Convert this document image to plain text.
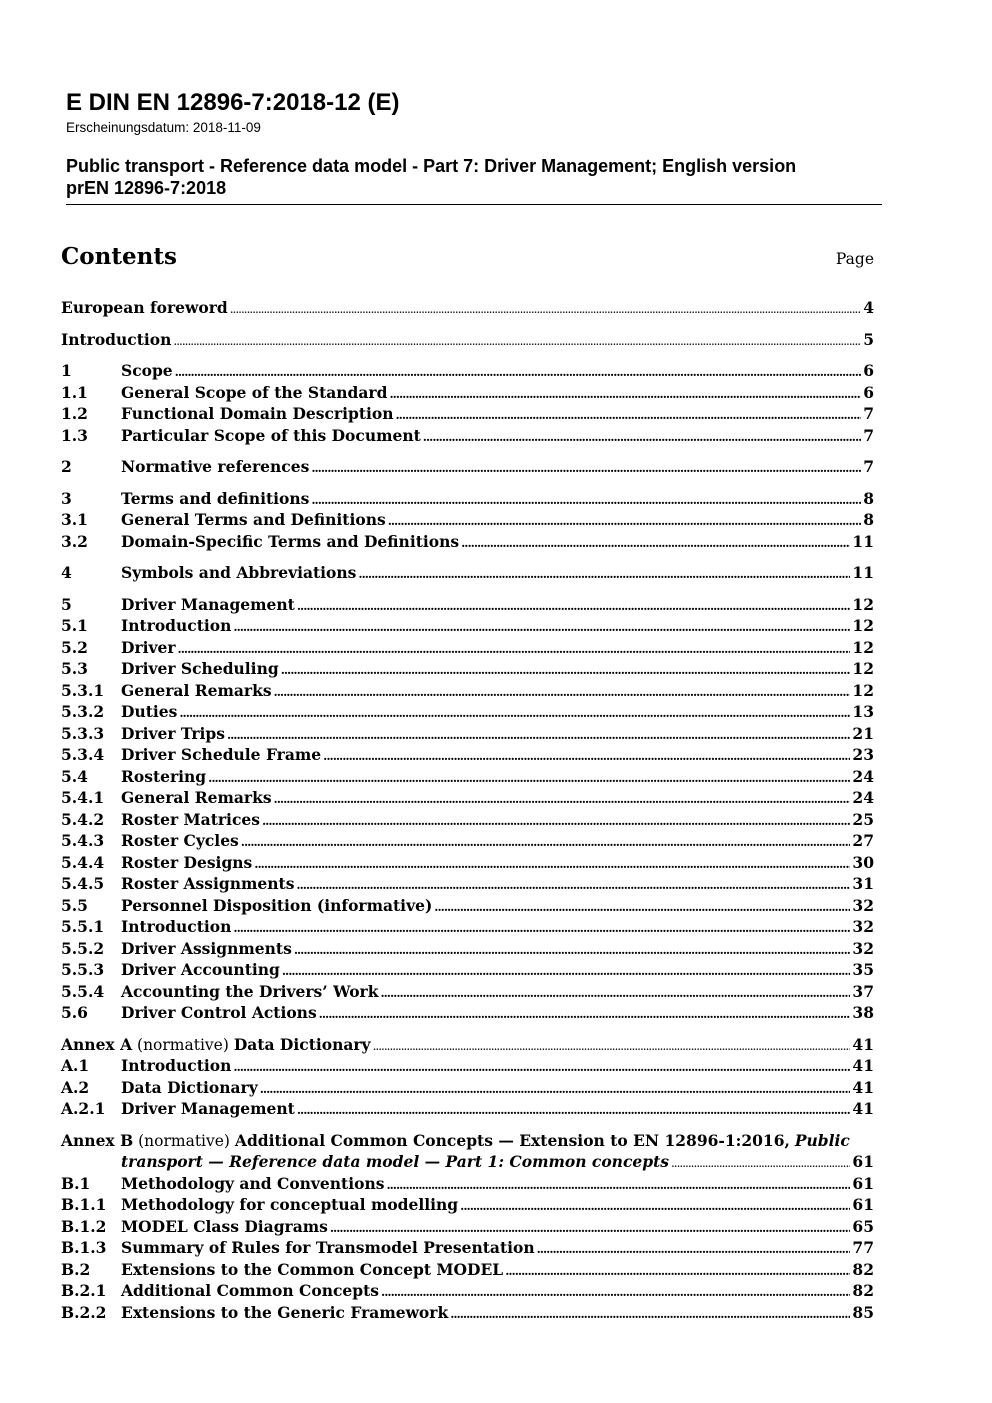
E DIN EN 12896-7:2018-12 (E)

Erscheinungsdatum: 2018-11-09

Public transport - Reference data model - Part 7: Driver Management; English version

prEN 12896-7:2018

Contents	Page
European foreword .....	4
Introduction .....	5
1	Scope .....	6
1.1	General Scope of the Standard .....	6
1.2	Functional Domain Description .....	7
1.3	Particular Scope of this Document .....	7
2	Normative references .....	7
3	Terms and definitions .....	8
3.1	General Terms and Definitions .....	8
3.2	Domain-Specific Terms and Definitions .....	11
4	Symbols and Abbreviations .....	11
5	Driver Management .....	12
5.1	Introduction .....	12
5.2	Driver .....	12
5.3	Driver Scheduling .....	12
5.3.1	General Remarks .....	12
5.3.2	Duties .....	13
5.3.3	Driver Trips .....	21
5.3.4	Driver Schedule Frame .....	23
5.4	Rostering .....	24
5.4.1	General Remarks .....	24
5.4.2	Roster Matrices .....	25
5.4.3	Roster Cycles .....	27
5.4.4	Roster Designs .....	30
5.4.5	Roster Assignments .....	31
5.5	Personnel Disposition (informative) .....	32
5.5.1	Introduction .....	32
5.5.2	Driver Assignments .....	32
5.5.3	Driver Accounting .....	35
5.5.4	Accounting the Drivers’ Work .....	37
5.6	Driver Control Actions .....	38
Annex A (normative) Data Dictionary .....	41
A.1	Introduction .....	41
A.2	Data Dictionary .....	41
A.2.1	Driver Management .....	41
Annex B (normative) Additional Common Concepts — Extension to EN 12896-1:2016, Public
transport — Reference data model — Part 1: Common concepts .....	61
B.1	Methodology and Conventions .....	61
B.1.1 Methodology for conceptual modelling .....	61
B.1.2 MODEL Class Diagrams .....	65
B.1.3 Summary of Rules for Transmodel Presentation .....	77
B.2	Extensions to the Common Concept MODEL .....	82
B.2.1 Additional Common Concepts .....	82
B.2.2 Extensions to the Generic Framework .....	85
